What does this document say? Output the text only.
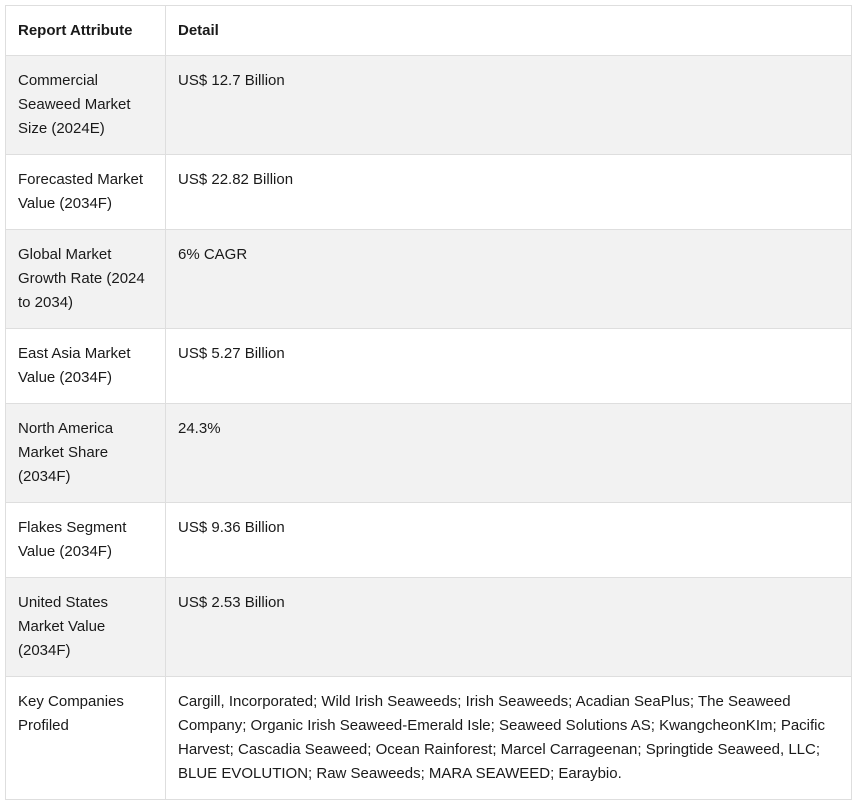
Report Attribute	Detail
Commercial Seaweed Market Size (2024E)	US$ 12.7 Billion
Forecasted Market Value (2034F)	US$ 22.82 Billion
Global Market Growth Rate (2024 to 2034)	6% CAGR
East Asia Market Value (2034F)	US$ 5.27 Billion
North America Market Share (2034F)	24.3%
Flakes Segment Value (2034F)	US$ 9.36 Billion
United States Market Value (2034F)	US$ 2.53 Billion
Key Companies Profiled	Cargill, Incorporated; Wild Irish Seaweeds; Irish Seaweeds; Acadian SeaPlus; The Seaweed Company; Organic Irish Seaweed-Emerald Isle; Seaweed Solutions AS; KwangcheonKIm; Pacific Harvest; Cascadia Seaweed; Ocean Rainforest; Marcel Carrageenan; Springtide Seaweed, LLC; BLUE EVOLUTION; Raw Seaweeds; MARA SEAWEED; Earaybio.
